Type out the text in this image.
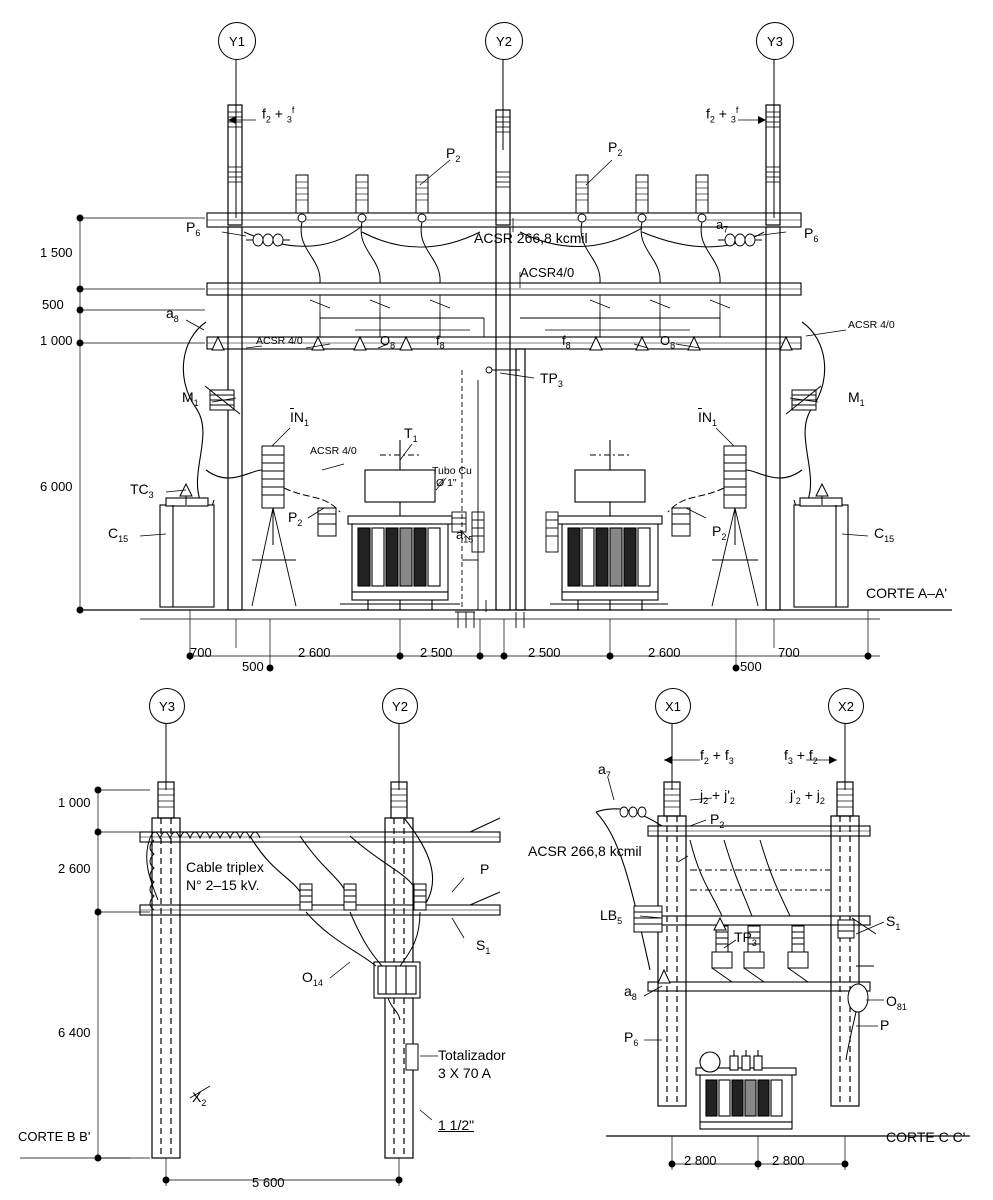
Y1	Y2	Y3
Y3	Y2	X1	X2
1 500
500
1 000
6 000
700
500
2 600	2 500	2 500	2 600
500
700
ACSR 266,8 kcmil
ACSR4/0
ACSR 4/0
ACSR 4/0
ACSR 4/0
$f_2 + _3^f$	$f_2 + _3^f$
$P_2$
$P_2$
$P_6$	$P_6$
$a_7$
$a_8$
$O_8$	$f_8$	$f_8$	$O_8$
$M_1$	$M_1$
$\overline{I}N_1$	$\overline{I}N_1$
$TP_3$
$T_1$
Tubo Cu
Ø 1"
$TC_3$
$C_{15}$	$C_{15}$
$P_2$
$P_2$
$a_{15}$
CORTE A–A'
1 000
2 600
6 400
5 600
Cable triplex
N° 2–15 kV.
Totalizador
3 X 70 A
1 1/2"
P
$S_1$
$O_{14}$
$X_2$
CORTE B B'
$f_2 + f_3$	$f_3 + f_2$
$a_7$
$j_2 + j'_2$	$j'_2 + j_2$
$P_2$
ACSR 266,8 kcmil
$LB_5$
$TP_3$
$S_1$
$O_{81}$
P
$a_8$
$P_6$
2 800	2 800
CORTE C C'
